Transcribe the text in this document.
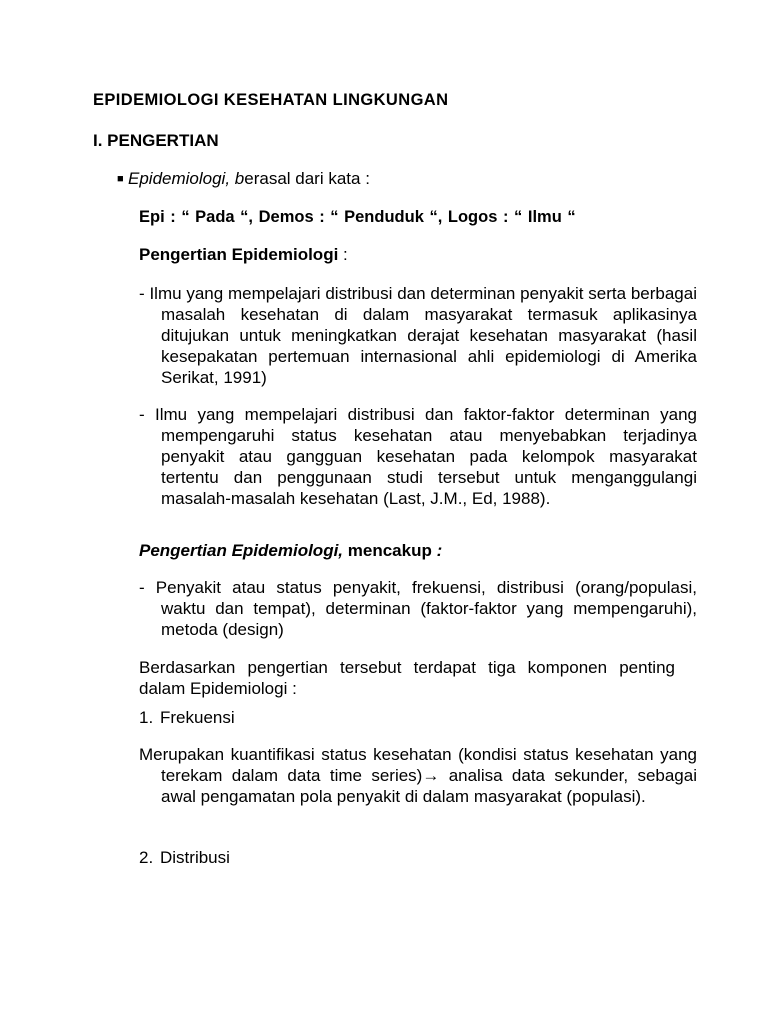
EPIDEMIOLOGI KESEHATAN LINGKUNGAN
I. PENGERTIAN
■ Epidemiologi, berasal dari kata :
Epi : “ Pada “, Demos : “ Penduduk “, Logos : “ Ilmu “
Pengertian Epidemiologi :
- Ilmu yang mempelajari distribusi dan determinan penyakit serta berbagai masalah kesehatan di dalam masyarakat termasuk aplikasinya ditujukan untuk meningkatkan derajat kesehatan masyarakat (hasil kesepakatan pertemuan internasional ahli epidemiologi di Amerika Serikat, 1991)
- Ilmu yang mempelajari distribusi dan faktor-faktor determinan yang mempengaruhi status kesehatan atau menyebabkan terjadinya penyakit atau gangguan kesehatan pada kelompok masyarakat tertentu dan penggunaan studi tersebut untuk menganggulangi masalah-masalah kesehatan (Last, J.M., Ed, 1988).
Pengertian Epidemiologi, mencakup :
- Penyakit atau status penyakit, frekuensi, distribusi (orang/populasi, waktu dan tempat), determinan (faktor-faktor yang mempengaruhi), metoda (design)
Berdasarkan pengertian tersebut terdapat tiga komponen penting dalam Epidemiologi :
1. Frekuensi
Merupakan kuantifikasi status kesehatan (kondisi status kesehatan yang terekam dalam data time series)→ analisa data sekunder, sebagai awal pengamatan pola penyakit di dalam masyarakat (populasi).
2. Distribusi
